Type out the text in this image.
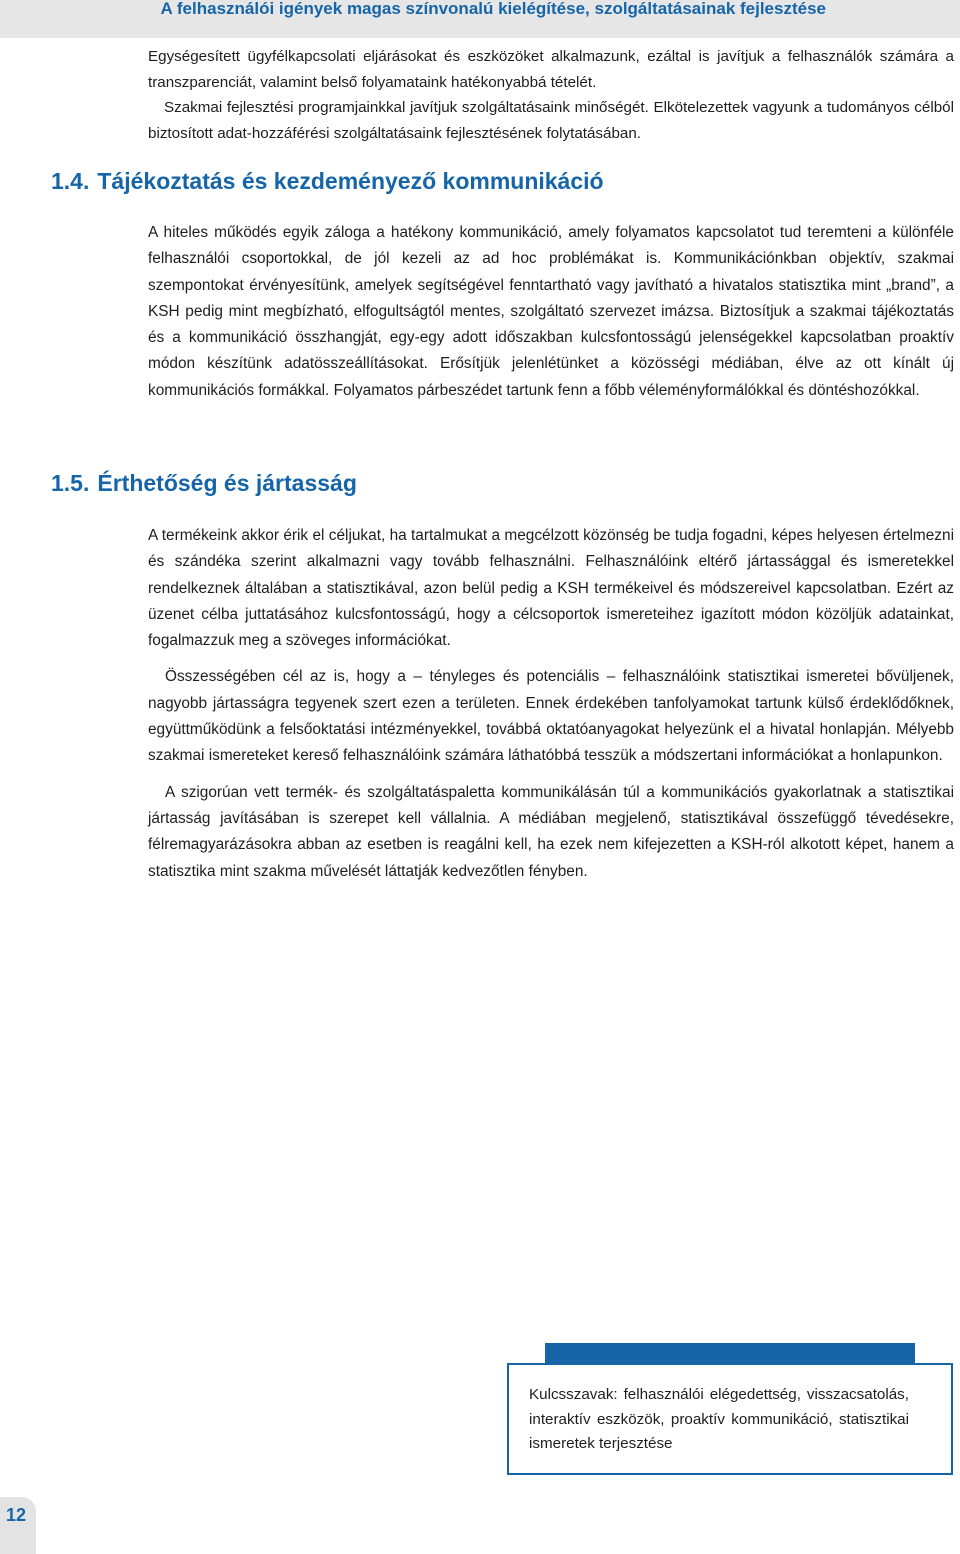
A felhasználói igények magas színvonalú kielégítése, szolgáltatásainak fejlesztése

Egységesített ügyfélkapcsolati eljárásokat és eszközöket alkalmazunk, ezáltal is javítjuk a felhasználók számára a transzparenciát, valamint belső folyamataink hatékonyabbá tételét.

Szakmai fejlesztési programjainkkal javítjuk szolgáltatásaink minőségét. Elkötelezettek vagyunk a tudományos célból biztosított adat-hozzáférési szolgáltatásaink fejlesztésének folytatásában.

1.4. Tájékoztatás és kezdeményező kommunikáció

A hiteles működés egyik záloga a hatékony kommunikáció, amely folyamatos kapcsolatot tud teremteni a különféle felhasználói csoportokkal, de jól kezeli az ad hoc problémákat is. Kommunikációnkban objektív, szakmai szempontokat érvényesítünk, amelyek segítségével fenntartható vagy javítható a hivatalos statisztika mint „brand”, a KSH pedig mint megbízható, elfogultságtól mentes, szolgáltató szervezet imázsa. Biztosítjuk a szakmai tájékoztatás és a kommunikáció összhangját, egy-egy adott időszakban kulcsfontosságú jelenségekkel kapcsolatban proaktív módon készítünk adatösszeállításokat. Erősítjük jelenlétünket a közösségi médiában, élve az ott kínált új kommunikációs formákkal. Folyamatos párbeszédet tartunk fenn a főbb véleményformálókkal és döntéshozókkal.

1.5. Érthetőség és jártasság

A termékeink akkor érik el céljukat, ha tartalmukat a megcélzott közönség be tudja fogadni, képes helyesen értelmezni és szándéka szerint alkalmazni vagy tovább felhasználni. Felhasználóink eltérő jártassággal és ismeretekkel rendelkeznek általában a statisztikával, azon belül pedig a KSH termékeivel és módszereivel kapcsolatban. Ezért az üzenet célba juttatásához kulcsfontosságú, hogy a célcsoportok ismereteihez igazított módon közöljük adatainkat, fogalmazzuk meg a szöveges információkat.

Összességében cél az is, hogy a – tényleges és potenciális – felhasználóink statisztikai ismeretei bővüljenek, nagyobb jártasságra tegyenek szert ezen a területen. Ennek érdekében tanfolyamokat tartunk külső érdeklődőknek, együttműködünk a felsőoktatási intézményekkel, továbbá oktatóanyagokat helyezünk el a hivatal honlapján. Mélyebb szakmai ismereteket kereső felhasználóink számára láthatóbbá tesszük a módszertani információkat a honlapunkon.

A szigorúan vett termék- és szolgáltatáspaletta kommunikálásán túl a kommunikációs gyakorlatnak a statisztikai jártasság javításában is szerepet kell vállalnia. A médiában megjelenő, statisztikával összefüggő tévedésekre, félremagyarázásokra abban az esetben is reagálni kell, ha ezek nem kifejezetten a KSH-ról alkotott képet, hanem a statisztika mint szakma művelését láttatják kedvezőtlen fényben.

Kulcsszavak: felhasználói elégedettség, visszacsatolás, interaktív eszközök, proaktív kommunikáció, statisztikai ismeretek terjesztése
12
